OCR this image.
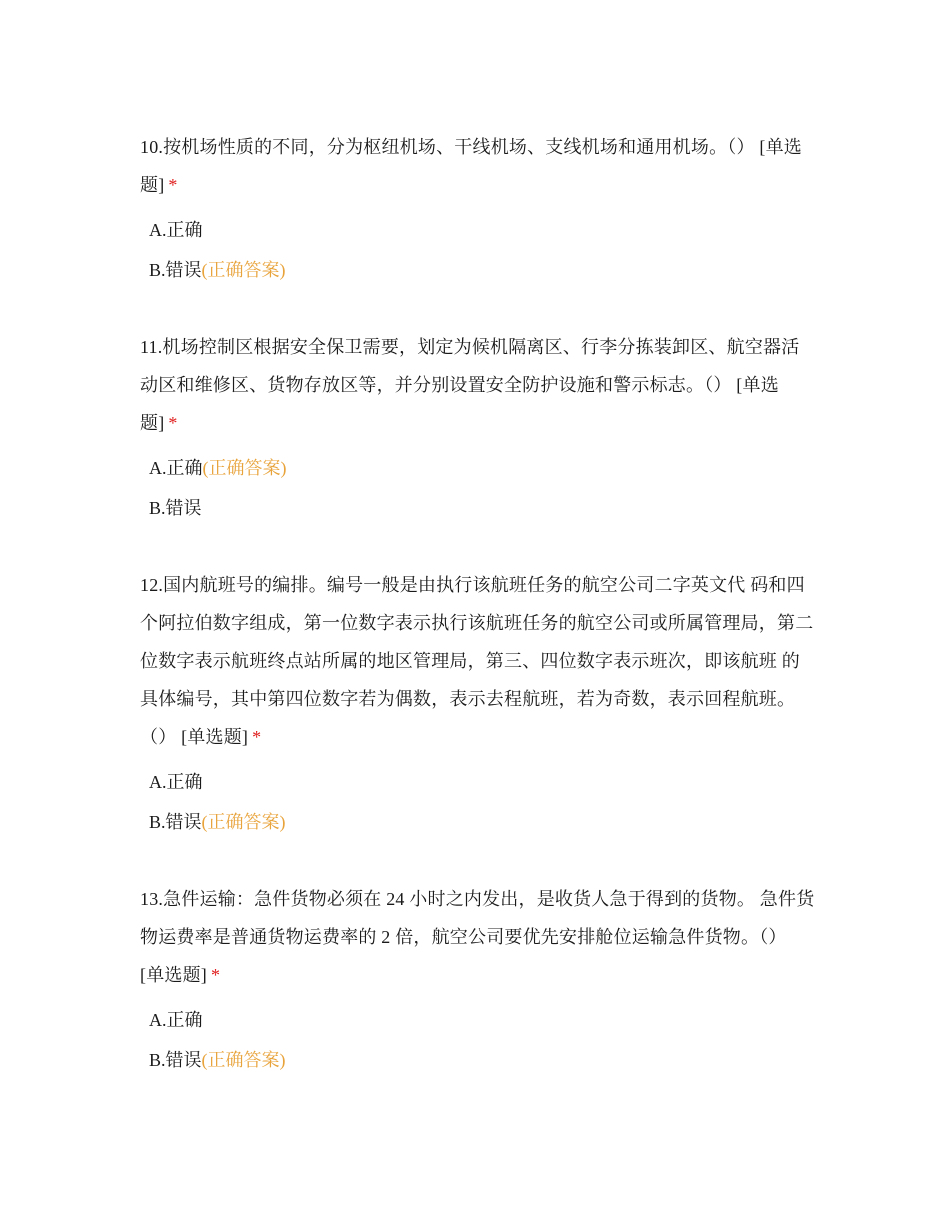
10.按机场性质的不同，分为枢纽机场、干线机场、支线机场和通用机场。（） [单选题] *

A.正确

B.错误(正确答案)

11.机场控制区根据安全保卫需要，划定为候机隔离区、行李分拣装卸区、航空器活动区和维修区、货物存放区等，并分别设置安全防护设施和警示标志。（） [单选题] *

A.正确(正确答案)

B.错误

12.国内航班号的编排。编号一般是由执行该航班任务的航空公司二字英文代 码和四个阿拉伯数字组成，第一位数字表示执行该航班任务的航空公司或所属管理局，第二位数字表示航班终点站所属的地区管理局，第三、四位数字表示班次，即该航班 的具体编号，其中第四位数字若为偶数，表示去程航班，若为奇数，表示回程航班。（） [单选题] *

A.正确

B.错误(正确答案)

13.急件运输：急件货物必须在 24 小时之内发出，是收货人急于得到的货物。 急件货物运费率是普通货物运费率的 2 倍，航空公司要优先安排舱位运输急件货物。（） [单选题] *

A.正确

B.错误(正确答案)
